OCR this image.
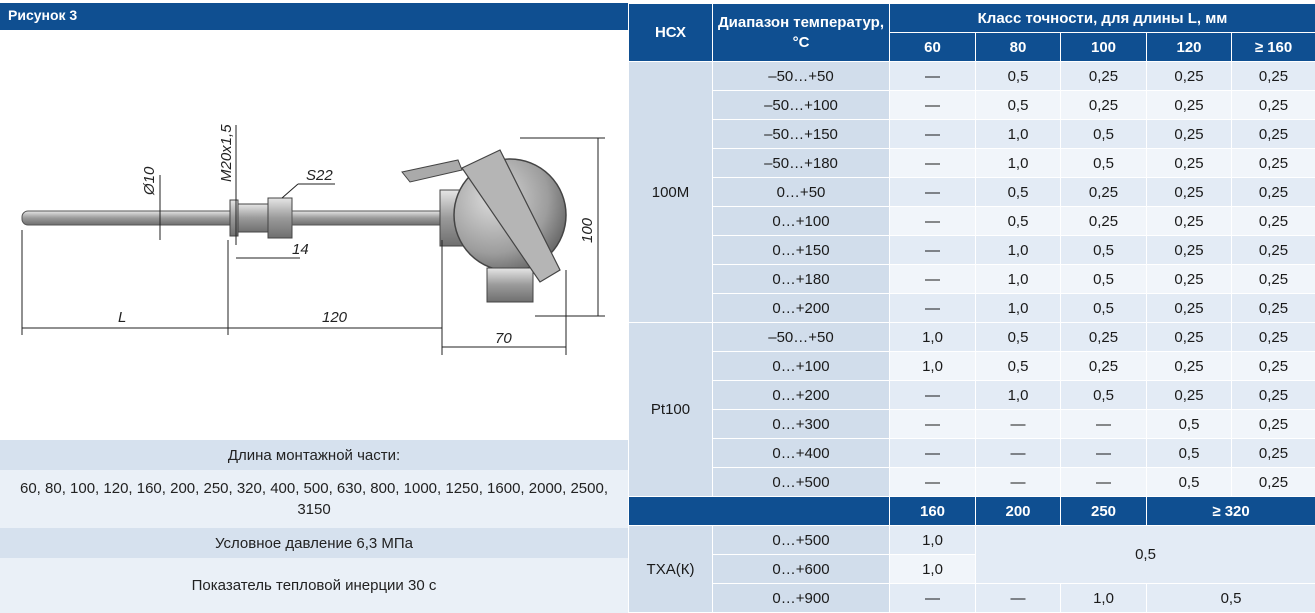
Рисунок 3
Ø10	M20x1,5	S22
14
L	120
70
100
Длина монтажной части:
60, 80, 100, 120, 160, 200, 250, 320, 400, 500, 630, 800, 1000, 1250, 1600, 2000, 2500, 3150
Условное давление 6,3 МПа
Показатель тепловой инерции 30 с
НСХ	Диапазон температур, °С	Класс точности, для длины L, мм				
		60	80	100	120	≥ 160
100М	–50…+50	—	0,5	0,25	0,25	0,25
	–50…+100	—	0,5	0,25	0,25	0,25
	–50…+150	—	1,0	0,5	0,25	0,25
	–50…+180	—	1,0	0,5	0,25	0,25
	0…+50	—	0,5	0,25	0,25	0,25
	0…+100	—	0,5	0,25	0,25	0,25
	0…+150	—	1,0	0,5	0,25	0,25
	0…+180	—	1,0	0,5	0,25	0,25
	0…+200	—	1,0	0,5	0,25	0,25
Pt100	–50…+50	1,0	0,5	0,25	0,25	0,25
	0…+100	1,0	0,5	0,25	0,25	0,25
	0…+200	—	1,0	0,5	0,25	0,25
	0…+300	—	—	—	0,5	0,25
	0…+400	—	—	—	0,5	0,25
	0…+500	—	—	—	0,5	0,25
		160	200	250	≥ 320	
ТХА(К)	0…+500	1,0	0,5			
	0…+600	1,0				
	0…+900	—	—	1,0	0,5	
